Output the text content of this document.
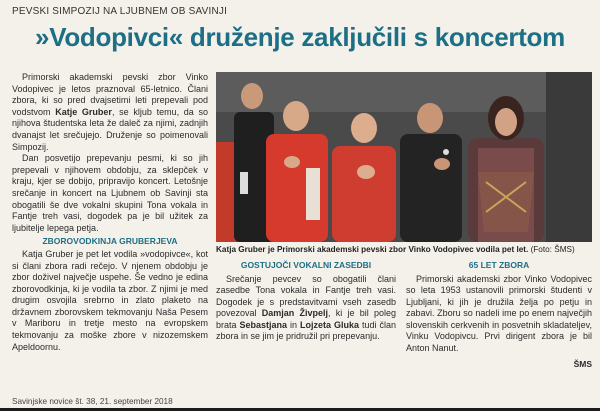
PEVSKI SIMPOZIJ NA LJUBNEM OB SAVINJI
»Vodopivci« druženje zaključili s koncertom

Primorski akademski pevski zbor Vinko Vodopivec je letos praznoval 65-letnico. Člani zbora, ki so pred dvajsetimi leti prepevali pod vodstvom Katje Gruber, se kljub temu, da so njihova študentska leta že daleč za njimi, zadnjih dvanajst let srečujejo. Druženje so poimenovali Simpozij.

Dan posvetijo prepevanju pesmi, ki so jih prepevali v njihovem obdobju, za sklepček v kraju, kjer se dobijo, pripravijo koncert. Letošnje srečanje in koncert na Ljubnem ob Savinji sta obogatili še dve vokalni skupini Tona vokala in Fantje treh vasi, dogodek pa je bil užitek za ljubitelje lepega petja.

ZBOROVODKINJA GRUBERJEVA

Katja Gruber je pet let vodila »vodopivce«, kot si člani zbora radi rečejo. V njenem obdobju je zbor doživel največje uspehe. Še vedno je edina zborovodkinja, ki je vodila ta zbor. Z njimi je med drugim osvojila srebrno in zlato plaketo na državnem zborovskem tekmovanju Naša Pesem v Mariboru in tretje mesto na evropskem tekmovanju za moške zbore v nizozemskem Apeldoornu.

Katja Gruber je Primorski akademski pevski zbor Vinko Vodopivec vodila pet let. (Foto: ŠMS)
GOSTUJOČI VOKALNI ZASEDBI

Srečanje pevcev so obogatili člani zasedbe Tona vokala in Fantje treh vasi. Dogodek je s predstavitvami vseh zasedb povezoval Damjan Živpelj, ki je bil poleg brata Sebastjana in Lojzeta Gluka tudi član zbora in se jim je pridružil pri prepevanju.

65 LET ZBORA

Primorski akademski zbor Vinko Vodopivec so leta 1953 ustanovili primorski študenti v Ljubljani, ki jih je družila želja po petju in zabavi. Zboru so nadeli ime po enem največjih slovenskih cerkvenih in posvetnih skladateljev, Vinku Vodopivcu. Prvi dirigent zbora je bil Anton Nanut.

ŠMS
Savinjske novice št. 38, 21. september 2018
